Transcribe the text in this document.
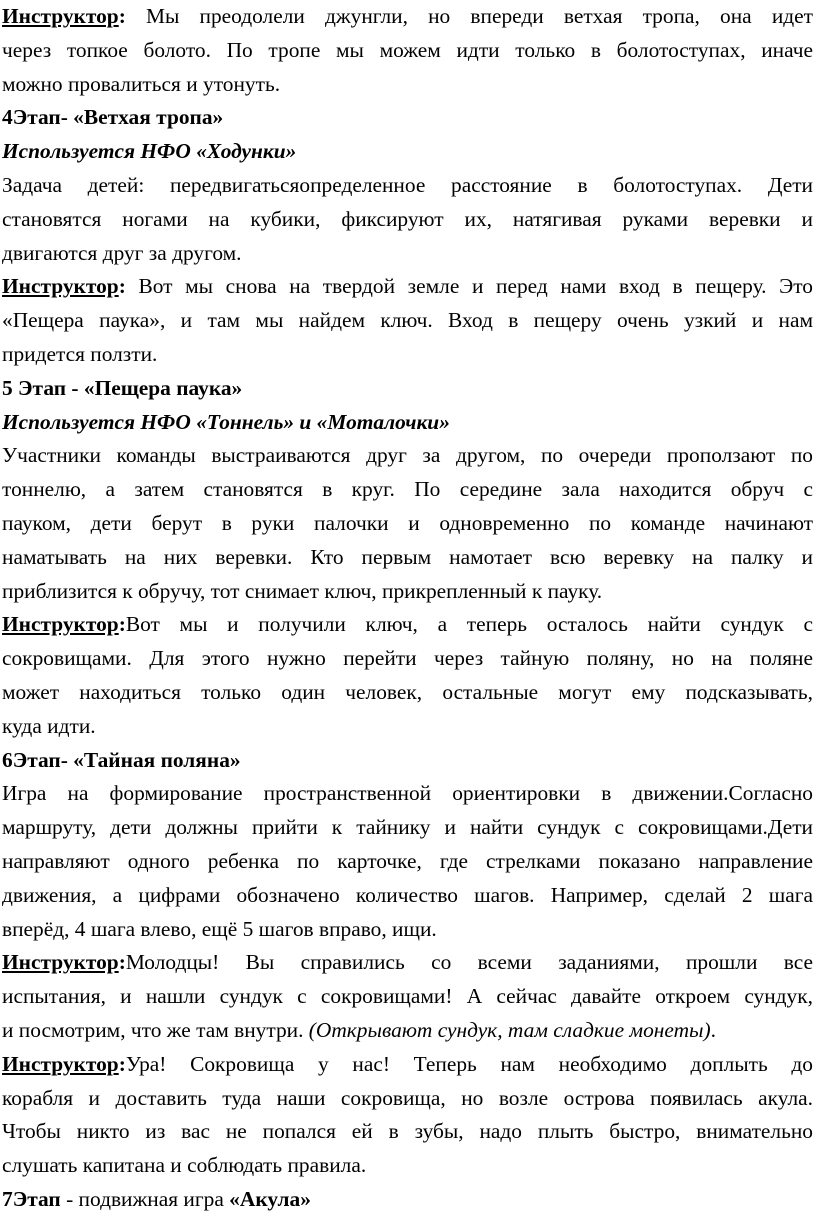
Инструктор: Мы преодолели джунгли, но впереди ветхая тропа, она идет
через топкое болото. По тропе мы можем идти только в болотоступах, иначе
можно провалиться и утонуть.
4Этап- «Ветхая тропа»
Используется НФО «Ходунки»
Задача детей: передвигатьсяопределенное расстояние в болотоступах. Дети
становятся ногами на кубики, фиксируют их, натягивая руками веревки и
двигаются друг за другом.
Инструктор: Вот мы снова на твердой земле и перед нами вход в пещеру. Это
«Пещера паука», и там мы найдем ключ. Вход в пещеру очень узкий и нам
придется ползти.
5 Этап - «Пещера паука»
Используется НФО «Тоннель» и «Моталочки»
Участники команды выстраиваются друг за другом, по очереди проползают по
тоннелю, а затем становятся в круг. По середине зала находится обруч с
пауком, дети берут в руки палочки и одновременно по команде начинают
наматывать на них веревки. Кто первым намотает всю веревку на палку и
приблизится к обручу, тот снимает ключ, прикрепленный к пауку.
Инструктор:Вот мы и получили ключ, а теперь осталось найти сундук с
сокровищами. Для этого нужно перейти через тайную поляну, но на поляне
может находиться только один человек, остальные могут ему подсказывать,
куда идти.
6Этап- «Тайная поляна»
Игра на формирование пространственной ориентировки в движении.Согласно
маршруту, дети должны прийти к тайнику и найти сундук с сокровищами.Дети
направляют одного ребенка по карточке, где стрелками показано направление
движения, а цифрами обозначено количество шагов. Например, сделай 2 шага
вперёд, 4 шага влево, ещё 5 шагов вправо, ищи.
Инструктор:Молодцы! Вы справились со всеми заданиями, прошли все
испытания, и нашли сундук с сокровищами! А сейчас давайте откроем сундук,
и посмотрим, что же там внутри. (Открывают сундук, там сладкие монеты).
Инструктор:Ура! Сокровища у нас! Теперь нам необходимо доплыть до
корабля и доставить туда наши сокровища, но возле острова появилась акула.
Чтобы никто из вас не попался ей в зубы, надо плыть быстро, внимательно
слушать капитана и соблюдать правила.
7Этап - подвижная игра «Акула»
